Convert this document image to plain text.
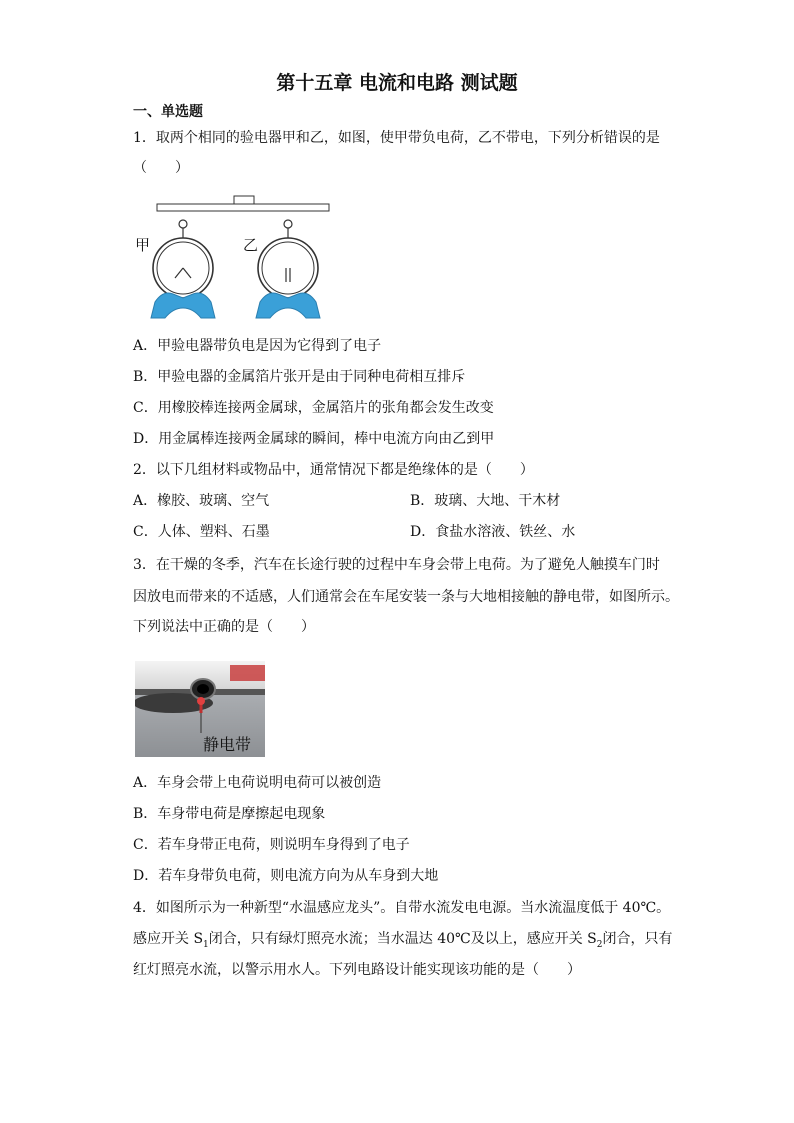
第十五章 电流和电路 测试题
一、单选题
1．取两个相同的验电器甲和乙，如图，使甲带负电荷，乙不带电，下列分析错误的是
（　　）
甲	乙
A．甲验电器带负电是因为它得到了电子
B．甲验电器的金属箔片张开是由于同种电荷相互排斥
C．用橡胶棒连接两金属球，金属箔片的张角都会发生改变
D．用金属棒连接两金属球的瞬间，棒中电流方向由乙到甲
2．以下几组材料或物品中，通常情况下都是绝缘体的是（　　）
A．橡胶、玻璃、空气	B．玻璃、大地、干木材
C．人体、塑料、石墨	D．食盐水溶液、铁丝、水
3．在干燥的冬季，汽车在长途行驶的过程中车身会带上电荷。为了避免人触摸车门时
因放电而带来的不适感，人们通常会在车尾安装一条与大地相接触的静电带，如图所示。
下列说法中正确的是（　　）
静电带
A．车身会带上电荷说明电荷可以被创造
B．车身带电荷是摩擦起电现象
C．若车身带正电荷，则说明车身得到了电子
D．若车身带负电荷，则电流方向为从车身到大地
4．如图所示为一种新型“水温感应龙头”。自带水流发电电源。当水流温度低于 40℃。
感应开关 $S_1$闭合，只有绿灯照亮水流；当水温达 40℃及以上，感应开关 $S_2$闭合，只有
红灯照亮水流，以警示用水人。下列电路设计能实现该功能的是（　　）
